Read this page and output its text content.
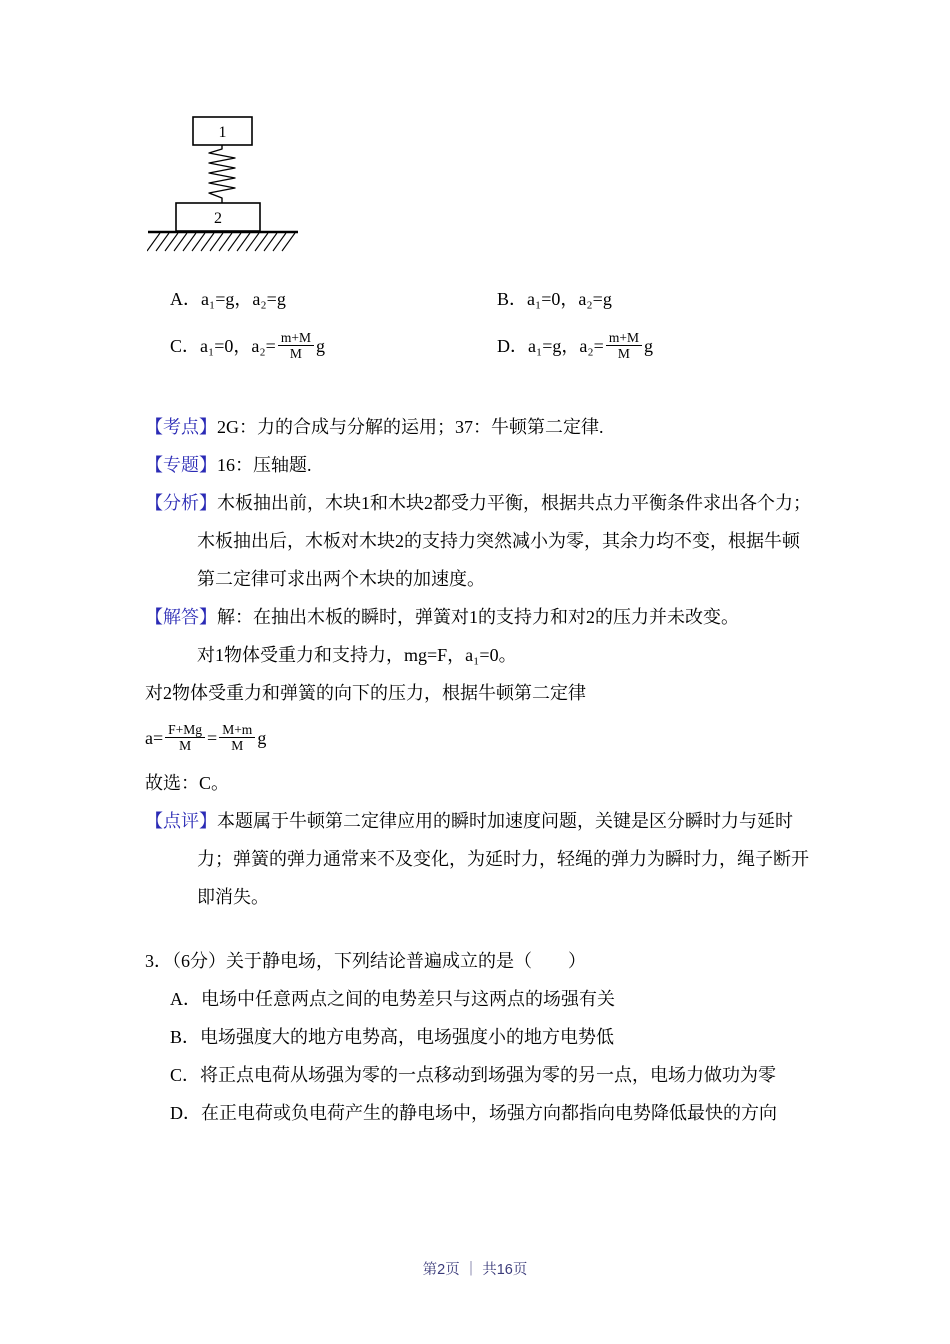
1
2
A．a₁=g，a₂=g	B．a₁=0，a₂=g
C．a₁=0，$a_2= \frac{m+M}{M}$ g	D．a₁=g，$a_2= \frac{m+M}{M}$ g
【考点】2G：力的合成与分解的运用；37：牛顿第二定律.
【专题】16：压轴题.
【分析】木板抽出前，木块1和木块2都受力平衡，根据共点力平衡条件求出各个力；木板抽出后，木板对木块2的支持力突然减小为零，其余力均不变，根据牛顿第二定律可求出两个木块的加速度。
【解答】解：在抽出木板的瞬时，弹簧对1的支持力和对2的压力并未改变。
对1物体受重力和支持力，mg=F，a₁=0。
对2物体受重力和弹簧的向下的压力，根据牛顿第二定律
$a= \frac{F+Mg}{M} = \frac{M+m}{M}$ g
故选：C。
【点评】本题属于牛顿第二定律应用的瞬时加速度问题，关键是区分瞬时力与延时力；弹簧的弹力通常来不及变化，为延时力，轻绳的弹力为瞬时力，绳子断开即消失。
3．（6分）关于静电场，下列结论普遍成立的是（　　）
A．电场中任意两点之间的电势差只与这两点的场强有关
B．电场强度大的地方电势高，电场强度小的地方电势低
C．将正点电荷从场强为零的一点移动到场强为零的另一点，电场力做功为零
D．在正电荷或负电荷产生的静电场中，场强方向都指向电势降低最快的方向
第2页 ｜ 共16页
